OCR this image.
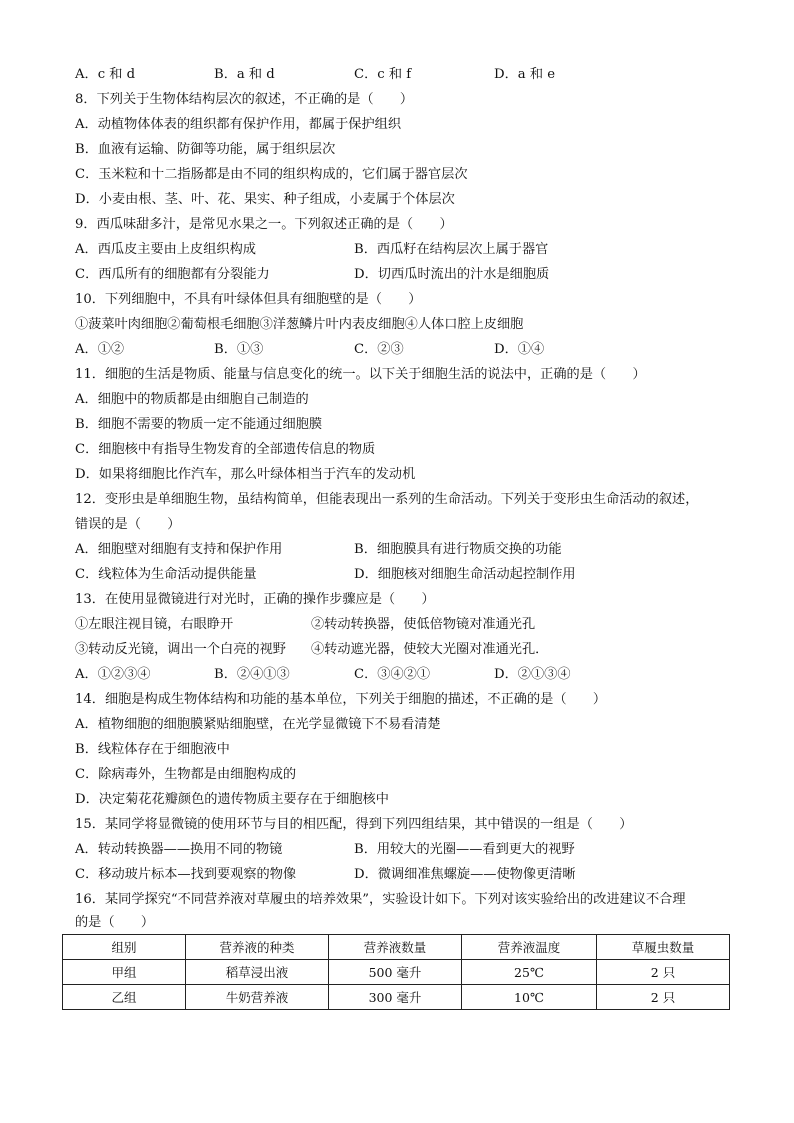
A．c 和 d	B．a 和 d	C．c 和 f	D．a 和 e
8．下列关于生物体结构层次的叙述，不正确的是（　　）
A．动植物体体表的组织都有保护作用，都属于保护组织
B．血液有运输、防御等功能，属于组织层次
C．玉米粒和十二指肠都是由不同的组织构成的，它们属于器官层次
D．小麦由根、茎、叶、花、果实、种子组成，小麦属于个体层次
9．西瓜味甜多汁，是常见水果之一。下列叙述正确的是（　　）
A．西瓜皮主要由上皮组织构成	B．西瓜籽在结构层次上属于器官
C．西瓜所有的细胞都有分裂能力	D．切西瓜时流出的汁水是细胞质
10．下列细胞中，不具有叶绿体但具有细胞壁的是（　　）
①菠菜叶肉细胞②葡萄根毛细胞③洋葱鳞片叶内表皮细胞④人体口腔上皮细胞
A．①②	B．①③	C．②③	D．①④
11．细胞的生活是物质、能量与信息变化的统一。以下关于细胞生活的说法中，正确的是（　　）
A．细胞中的物质都是由细胞自己制造的
B．细胞不需要的物质一定不能通过细胞膜
C．细胞核中有指导生物发育的全部遗传信息的物质
D．如果将细胞比作汽车，那么叶绿体相当于汽车的发动机
12．变形虫是单细胞生物，虽结构简单，但能表现出一系列的生命活动。下列关于变形虫生命活动的叙述，
错误的是（　　）
A．细胞壁对细胞有支持和保护作用	B．细胞膜具有进行物质交换的功能
C．线粒体为生命活动提供能量	D．细胞核对细胞生命活动起控制作用
13．在使用显微镜进行对光时，正确的操作步骤应是（　　）
①左眼注视目镜，右眼睁开	②转动转换器，使低倍物镜对准通光孔
③转动反光镜，调出一个白亮的视野 ④转动遮光器，使较大光圈对准通光孔．
A．①②③④	B．②④①③	C．③④②①	D．②①③④
14．细胞是构成生物体结构和功能的基本单位，下列关于细胞的描述，不正确的是（　　）
A．植物细胞的细胞膜紧贴细胞壁，在光学显微镜下不易看清楚
B．线粒体存在于细胞液中
C．除病毒外，生物都是由细胞构成的
D．决定菊花花瓣颜色的遗传物质主要存在于细胞核中
15．某同学将显微镜的使用环节与目的相匹配，得到下列四组结果，其中错误的一组是（　　）
A．转动转换器——换用不同的物镜	B．用较大的光圈——看到更大的视野
C．移动玻片标本—找到要观察的物像	D．微调细准焦螺旋——使物像更清晰
16．某同学探究“不同营养液对草履虫的培养效果”，实验设计如下。下列对该实验给出的改进建议不合理
的是（　　）
组别	营养液的种类	营养液数量	营养液温度	草履虫数量
甲组	稻草浸出液	500 毫升	25℃	2 只
乙组	牛奶营养液	300 毫升	10℃	2 只
